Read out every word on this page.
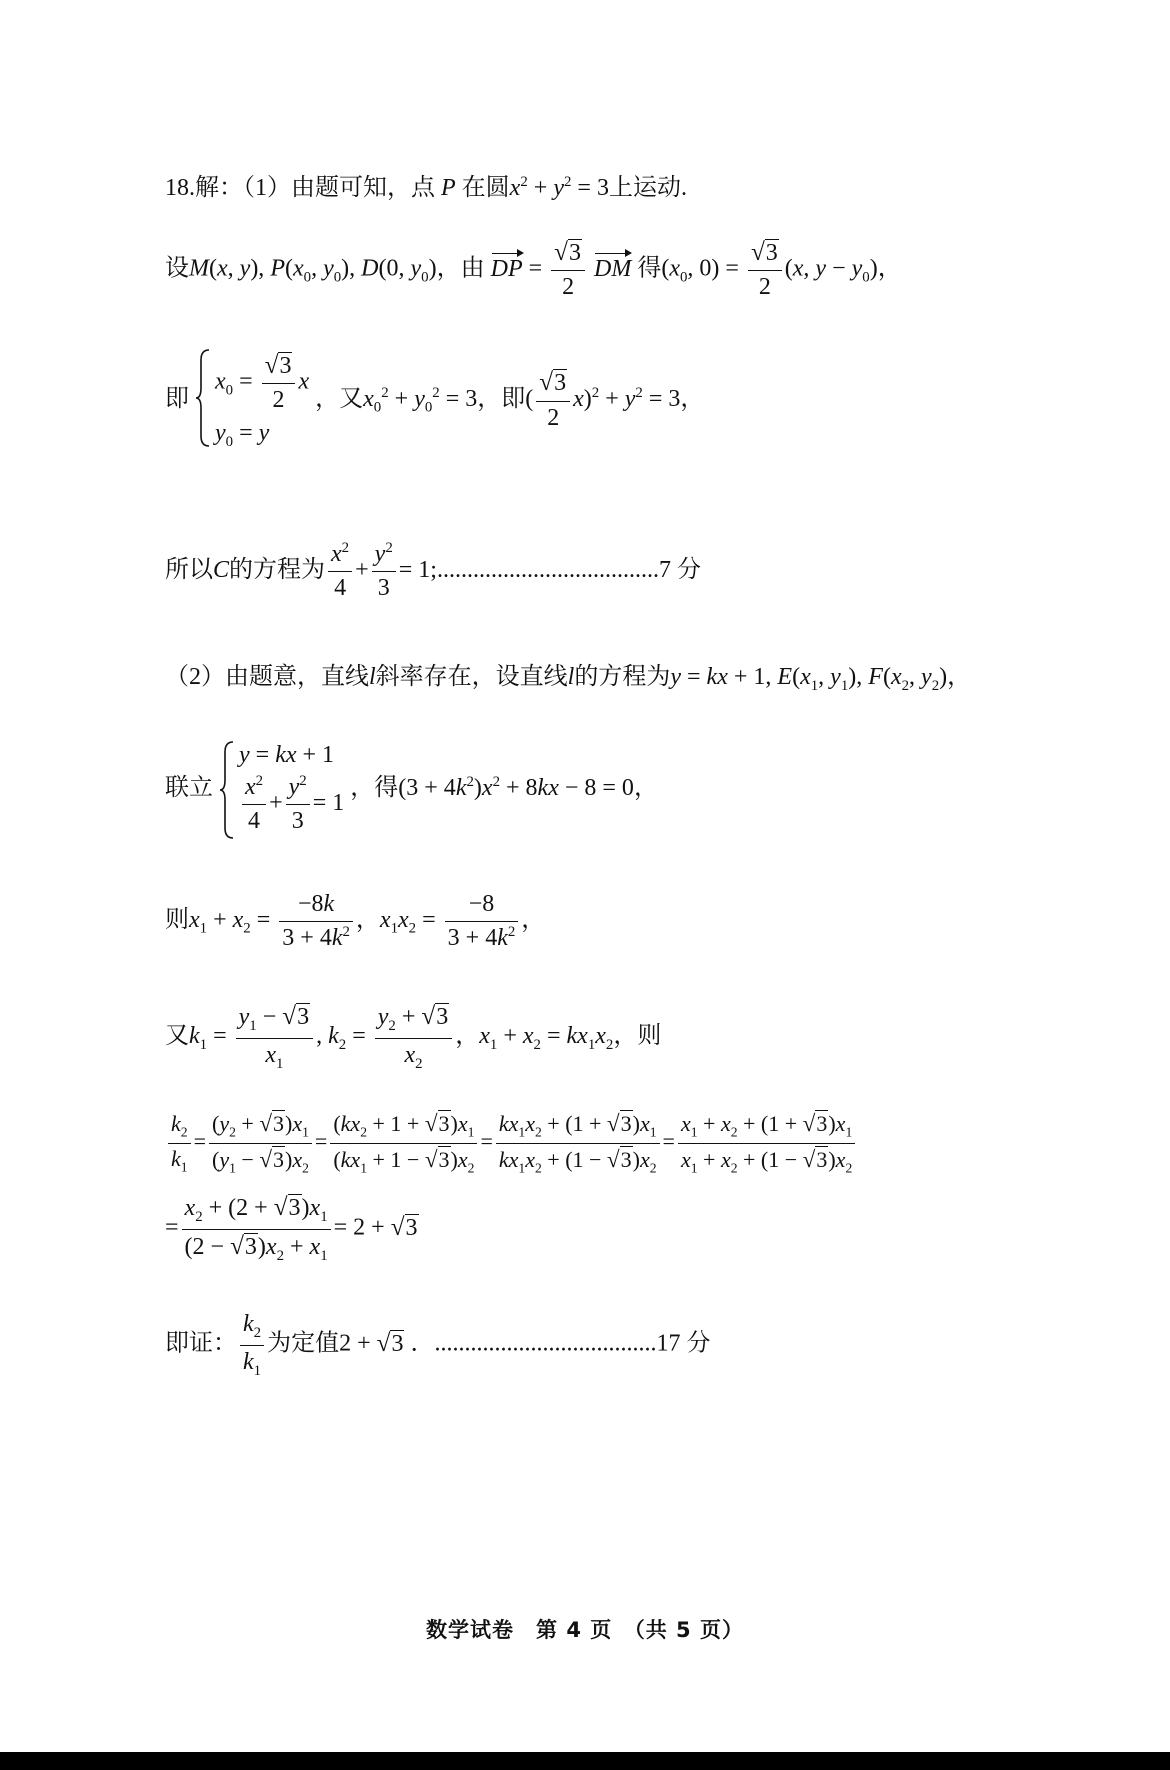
18.解：（1）由题可知，点 P 在圆$x^2 + y^2 = 3$上运动.
设M(x, y), $P(x_0$, $y_0$), D(0, $y_0$)，由 DP = $\frac{√3}{2}$ DM 得($x_0$, $0) = \frac{√3}{2} (x$, $y - y_0$)，
即
$x_0 = \frac{√3}{2}$ x
$y_0 = y$
，又$x_0^2 + y_0^2 = 3$，即( $\frac{√3}{2} x)^2 + y^2 = 3$，
所以C的方程为 $\frac{x^2}{4} + \frac{y^2}{3}$ = 1;.....................................7 分
（2）由题意，直线l斜率存在，设直线l的方程为y = kx + 1, $E(x_1$, $y_1$), $F(x_2$, $y_2$)，
联立
y = kx + 1
$\frac{x^2}{4} + \frac{y^2}{3} = 1$
，得$(3 + 4k^2)x^2 + 8kx - 8 = 0$，
则$x_1 + x_2 = \frac{-8k}{3 + 4k^2}$ ，$x_1x_2 = \frac{-8}{3 + 4k^2}$ ，
又$k_1 = \frac{y_1 - √3}{x_1}$ , $k_2 = \frac{y_2 + √3}{x_2}$ ，$x_1 + x_2 = kx_1x_2$，则
$\frac{k_2}{k_1} = \frac{(y_2 + √3)x_1}{(y_1 - √3)x_2} = \frac{(kx_2 + 1 + √3)x_1}{(kx_1 + 1 - √3)x_2} = \frac{kx_1x_2 + (1 + √3)x_1}{kx_1x_2 + (1 - √3)x_2} = \frac{x_1 + x_2 + (1 + √3)x_1}{x_1 + x_2 + (1 - √3)x_2}$
= $\frac{x_2 + (2 + √3)x_1}{(2 - √3)x_2 + x_1} = 2 + √3$
即证： $\frac{k_2}{k_1}$ 为定值2 + √3 ．.....................................17 分
数学试卷　第 4 页　（共 5 页）
